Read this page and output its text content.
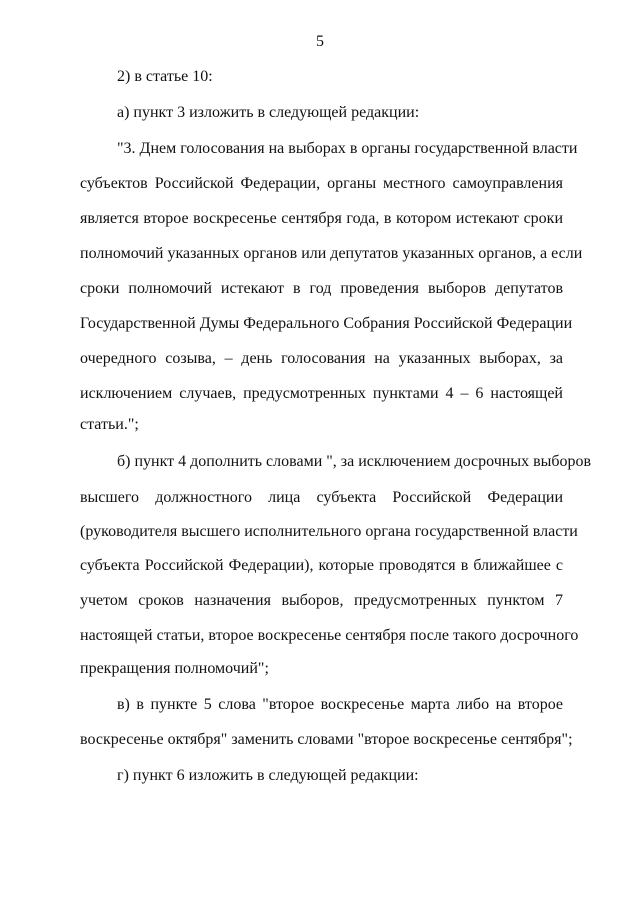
5
2) в статье 10:
а) пункт 3 изложить в следующей редакции:
"3. Днем голосования на выборах в органы государственной власти
субъектов Российской Федерации, органы местного самоуправления
является второе воскресенье сентября года, в котором истекают сроки
полномочий указанных органов или депутатов указанных органов, а если
сроки полномочий истекают в год проведения выборов депутатов
Государственной Думы Федерального Собрания Российской Федерации
очередного созыва, – день голосования на указанных выборах, за
исключением случаев, предусмотренных пунктами 4 – 6 настоящей
статьи.";
б) пункт 4 дополнить словами ", за исключением досрочных выборов
высшего должностного лица субъекта Российской Федерации
(руководителя высшего исполнительного органа государственной власти
субъекта Российской Федерации), которые проводятся в ближайшее с
учетом сроков назначения выборов, предусмотренных пунктом 7
настоящей статьи, второе воскресенье сентября после такого досрочного
прекращения полномочий";
в) в пункте 5 слова "второе воскресенье марта либо на второе
воскресенье октября" заменить словами "второе воскресенье сентября";
г) пункт 6 изложить в следующей редакции:
